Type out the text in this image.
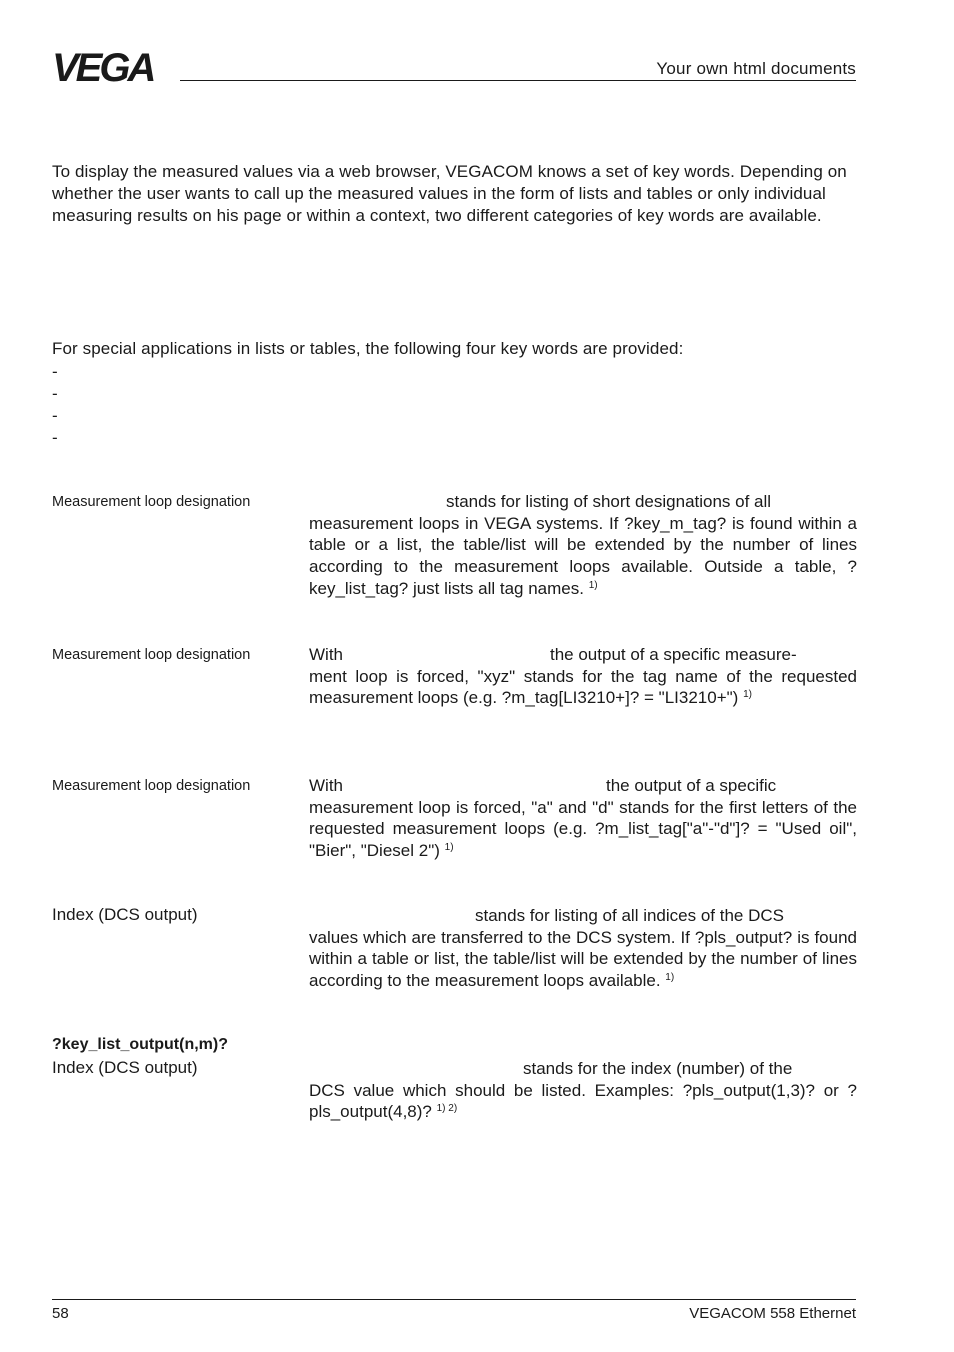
VEGA	Your own html documents
To display the measured values via a web browser, VEGACOM knows a set of key words. Depending on whether the user wants to call up the measured values in the form of lists and tables or only individual measuring results on his page or within a context, two different categories of key words are available.
For special applications in lists or tables, the following four key words are provided:
-
-
-
-
Measurement loop designation	stands for listing of short designations of all
measurement loops in VEGA systems. If ?key_m_tag? is found within a table or a list, the table/list will be extended by the number of lines according to the measurement loops available. Outside a table, ?key_list_tag? just lists all tag names. $^{1)}$
Measurement loop designation	With	the output of a specific measure-
ment loop is forced, "xyz" stands for the tag name of the requested measurement loops (e.g. ?m_tag[LI3210+]? = "LI3210+") $^{1)}$
Measurement loop designation	With	the output of a specific
measurement loop is forced, "a" and "d" stands for the first letters of the requested measurement loops (e.g. ?m_list_tag["a"-"d"]? = "Used oil", "Bier", "Diesel 2") $^{1)}$
Index (DCS output)	stands for listing of all indices of the DCS
values which are transferred to the DCS system. If ?pls_output? is found within a table or list, the table/list will be extended by the number of lines according to the measurement loops available. $^{1)}$
?key_list_output(n,m)?
Index (DCS output)	stands for the index (number) of the
DCS value which should be listed. Examples: ?pls_output(1,3)? or ?pls_output(4,8)? $^{1) 2)}$
58	VEGACOM 558 Ethernet
